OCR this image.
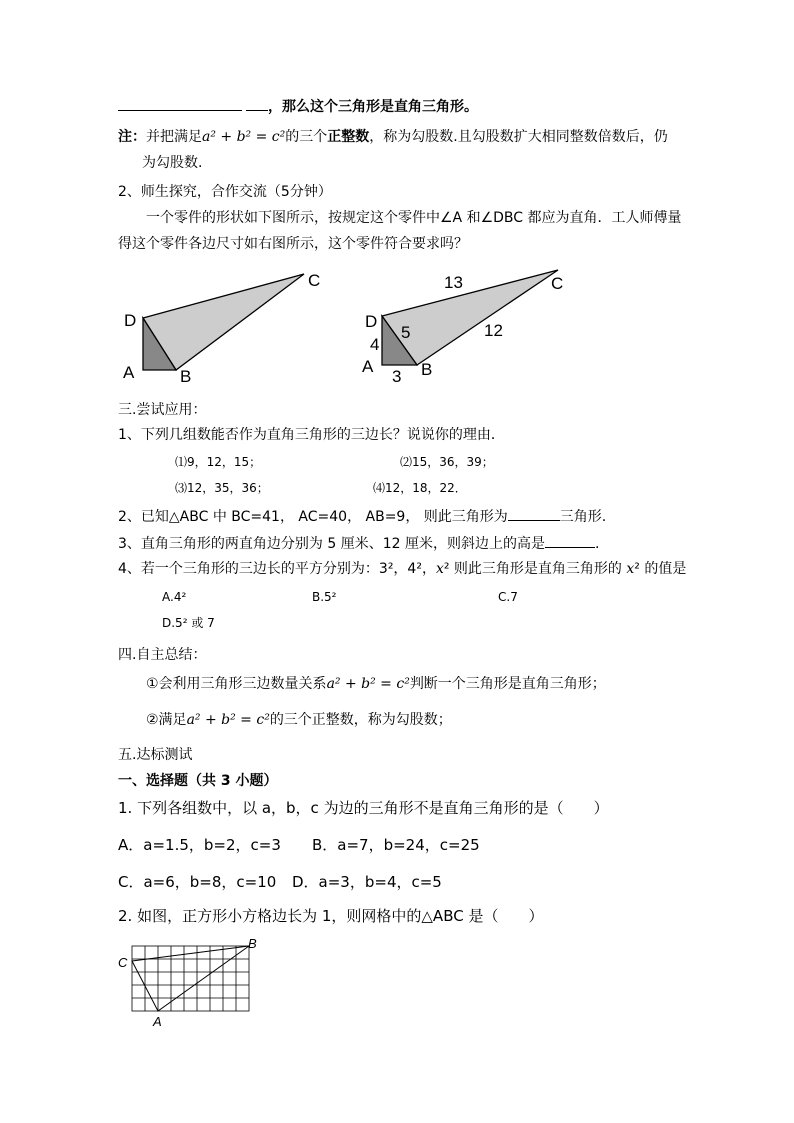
，那么这个三角形是直角三角形。
注：并把满足a² + b² = c²的三个正整数，称为勾股数.且勾股数扩大相同整数倍数后，仍
为勾股数.
2、师生探究，合作交流（5分钟）
一个零件的形状如下图所示，按规定这个零件中∠A 和∠DBC 都应为直角．工人师傅量
得这个零件各边尺寸如右图所示，这个零件符合要求吗？
C
D
A	B
C
D
A	B
13
12
5
4
3
三.尝试应用：
1、下列几组数能否作为直角三角形的三边长？说说你的理由．
⑴9，12，15；	⑵15，36，39；
⑶12，35，36；	⑷12，18，22．
2、已知△ABC 中 BC=41， AC=40， AB=9， 则此三角形为	三角形.
3、直角三角形的两直角边分别为 5 厘米、12 厘米，则斜边上的高是	.
4、若一个三角形的三边长的平方分别为：3²，4²，x² 则此三角形是直角三角形的 x² 的值是
A.4²	B.5²	C.7
D.5² 或 7
四.自主总结：
①会利用三角形三边数量关系a² + b² = c²判断一个三角形是直角三角形；
②满足a² + b² = c²的三个正整数，称为勾股数；
五.达标测试
一、选择题（共 3 小题）
1. 下列各组数中，以 a，b，c 为边的三角形不是直角三角形的是（　　）
A．a=1.5，b=2，c=3 B．a=7，b=24，c=25
C．a=6，b=8，c=10 D．a=3，b=4，c=5
2. 如图，正方形小方格边长为 1，则网格中的△ABC 是（　　）
C
B
A
